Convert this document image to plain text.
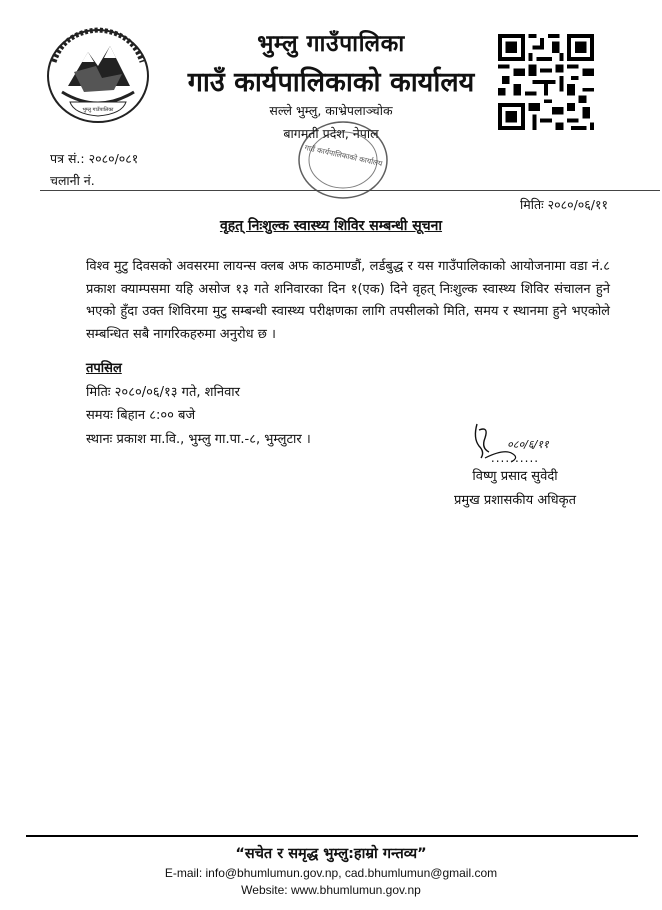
भुम्लु गाउँपालिका
भुम्लु गाउँपालिका
गाउँ कार्यपालिकाको कार्यालय
सल्ले भुम्लु, काभ्रेपलाञ्चोक
बागमती प्रदेश, नेपाल
गाउँ कार्यपालिकाको कार्यालय
पत्र सं.: २०८०/०८१
चलानी नं.
मितिः २०८०/०६/११
वृहत् निःशुल्क स्वास्थ्य शिविर सम्बन्धी सूचना
विश्व मुटु दिवसको अवसरमा लायन्स क्लब अफ काठमाण्डौं, लर्डबुद्ध र यस गाउँपालिकाको आयोजनामा वडा नं.८ प्रकाश क्याम्पसमा यहि असोज १३ गते शनिवारका दिन १(एक) दिने वृहत् निःशुल्क स्वास्थ्य शिविर संचालन हुने भएको हुँदा उक्त शिविरमा मुटु सम्बन्धी स्वास्थ्य परीक्षणका लागि तपसीलको मिति, समय र स्थानमा हुने भएकोले सम्बन्धित सबै नागरिकहरुमा अनुरोध छ ।
तपसिल
मितिः २०८०/०६/१३ गते, शनिवार
समयः बिहान ८:०० बजे
स्थानः प्रकाश मा.वि., भुम्लु गा.पा.-८, भुम्लुटार ।	०८०/६/११
..........
विष्णु प्रसाद सुवेदी
प्रमुख प्रशासकीय अधिकृत
“सचेत र समृद्ध भुम्लु:हाम्रो गन्तव्य”
E-mail: info@bhumlumun.gov.np, cad.bhumlumun@gmail.com
Website: www.bhumlumun.gov.np
